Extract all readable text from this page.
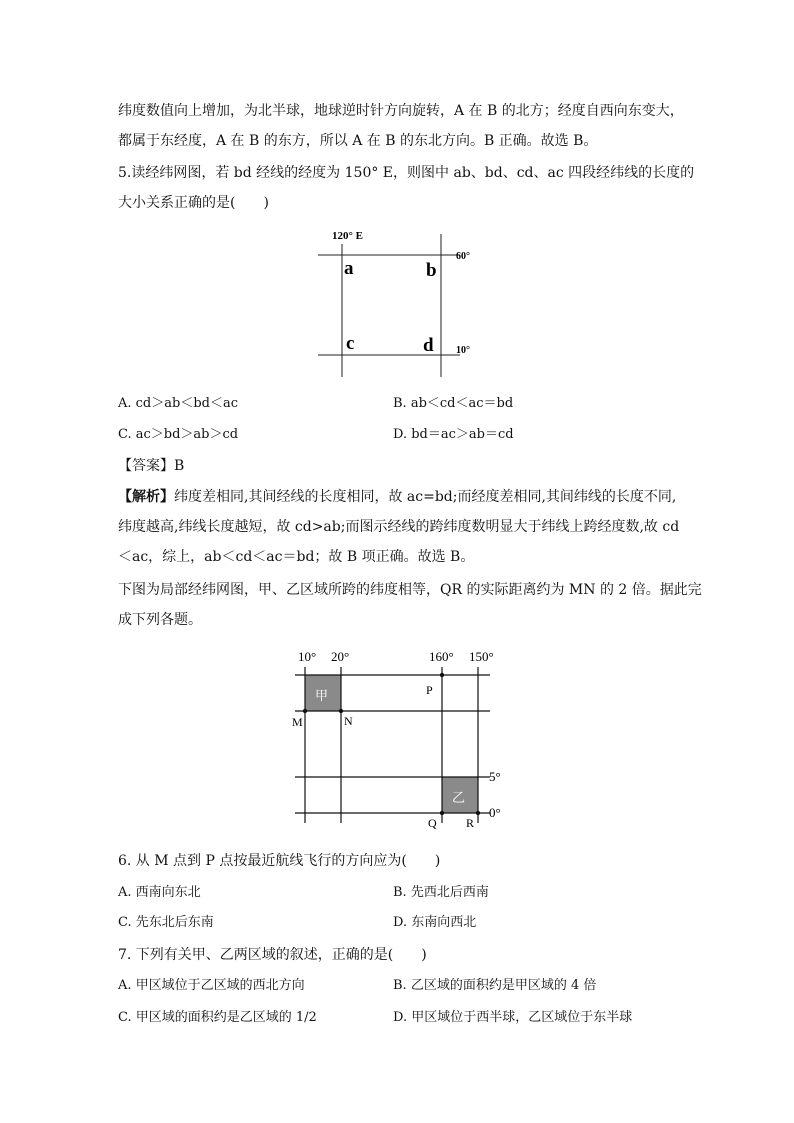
纬度数值向上增加，为北半球，地球逆时针方向旋转，A 在 B 的北方；经度自西向东变大，
都属于东经度，A 在 B 的东方，所以 A 在 B 的东北方向。B 正确。故选 B。
5.读经纬网图，若 bd 经线的经度为 150° E，则图中 ab、bd、cd、ac 四段经纬线的长度的
大小关系正确的是(　　)
120° E
60°
10°
a	b
c	d
A. cd＞ab＜bd＜ac	B. ab＜cd＜ac＝bd
C. ac＞bd＞ab＞cd	D. bd＝ac＞ab＝cd
【答案】B
【解析】纬度差相同,其间经线的长度相同，故 ac=bd;而经度差相同,其间纬线的长度不同,
纬度越高,纬线长度越短，故 cd>ab;而图示经线的跨纬度数明显大于纬线上跨经度数,故 cd
＜ac，综上，ab＜cd＜ac＝bd；故 B 项正确。故选 B。
下图为局部经纬网图，甲、乙区域所跨的纬度相等，QR 的实际距离约为 MN 的 2 倍。据此完
成下列各题。
10° 20°	160° 150°
5°
0°
甲
乙
M	N
P
Q R
6. 从 M 点到 P 点按最近航线飞行的方向应为(　　)
A. 西南向东北	B. 先西北后西南
C. 先东北后东南	D. 东南向西北
7. 下列有关甲、乙两区域的叙述，正确的是(　　)
A. 甲区域位于乙区域的西北方向	B. 乙区域的面积约是甲区域的 4 倍
C. 甲区域的面积约是乙区域的 1/2	D. 甲区域位于西半球，乙区域位于东半球
